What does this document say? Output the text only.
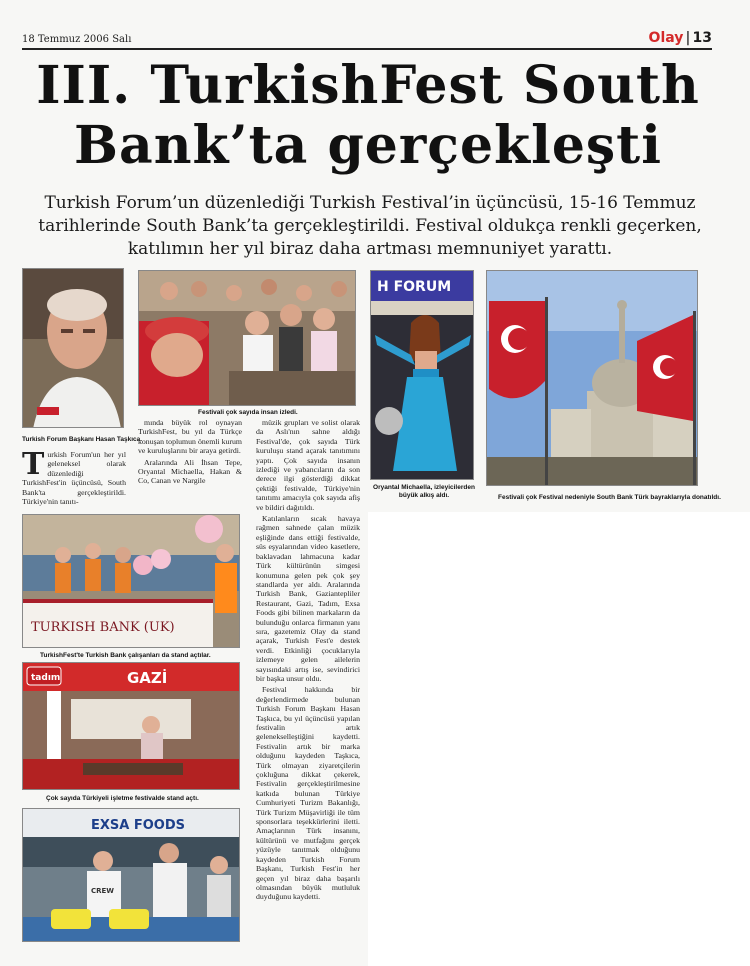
18 Temmuz 2006 Salı	Olay | 13
III. TurkishFest South
Bank’ta gerçekleşti
Turkish Forum’un düzenlediği Turkish Festival’in üçüncüsü, 15-16 Temmuz tarihlerinde South Bank’ta gerçekleştirildi. Festival oldukça renkli geçerken, katılımın her yıl biraz daha artması memnuniyet yarattı.
Turkish Forum Başkanı Hasan Taşkıca.
Festivali çok sayıda insan izledi.
H FORUM
Oryantal Michaella, izleyicilerden büyük alkış aldı.	Festivali çok Festival nedeniyle South Bank Türk bayraklarıyla donatıldı.
Turkish Forum'un her yıl geleneksel olarak düzenlediği TurkishFest'in üçüncüsü, South Bank'ta gerçekleştirildi. Türkiye'nin tanıtı-

mında büyük rol oynayan TurkishFest, bu yıl da Türkçe konuşan toplumun önemli kurum ve kuruluşlarını bir araya getirdi.

Aralarında Ali İhsan Tepe, Oryantal Michaella, Hakan & Co, Canan ve Nargile

müzik grupları ve solist olarak da Aslı'nın sahne aldığı Festival'de, çok sayıda Türk kuruluşu stand açarak tanıtımını yaptı. Çok sayıda insanın izlediği ve yabancıların da son derece ilgi gösterdiği dikkat çektiği festivalde, Türkiye'nin tanıtımı amacıyla çok sayıda afiş ve bildiri dağıtıldı.

Katılanların sıcak havaya rağmen sahnede çalan müzik eşliğinde dans ettiği festivalde, süs eşyalarından video kasetlere, baklavadan lahmacuna kadar Türk kültürünün simgesi konumuna gelen pek çok şey standlarda yer aldı. Aralarında Turkish Bank, Gaziantepliler Restaurant, Gazi, Tadım, Exsa Foods gibi bilinen markaların da bulunduğu onlarca firmanın yanı sıra, gazetemiz Olay da stand açarak, Turkish Fest'e destek verdi. Etkinliği çocuklarıyla izlemeye gelen ailelerin sayısındaki artış ise, sevindirici bir başka unsur oldu.

Festival hakkında bir değerlendirmede bulunan Turkish Forum Başkanı Hasan Taşkıca, bu yıl üçüncüsü yapılan festivalin artık gelenekselleştiğini kaydetti. Festivalin artık bir marka olduğunu kaydeden Taşkıca, Türk olmayan ziyaretçilerin çokluğuna dikkat çekerek, Festivalin gerçekleştirilmesine katkıda bulunan Türkiye Cumhuriyeti Turizm Bakanlığı, Türk Turizm Müşavirliği ile tüm sponsorlara teşekkürlerini iletti. Amaçlarının Türk insanını, kültürünü ve mutfağını gerçek yüzüyle tanıtmak olduğunu kaydeden Turkish Forum Başkanı, Turkish Fest'in her geçen yıl biraz daha başarılı olmasından büyük mutluluk duyduğunu kaydetti.

TURKISH BANK (UK)
TurkishFest'te Turkish Bank çalışanları da stand açtılar.
tadım	GAZİ
Çok sayıda Türkiyeli işletme festivalde stand açtı.
EXSA FOODS
CREW
